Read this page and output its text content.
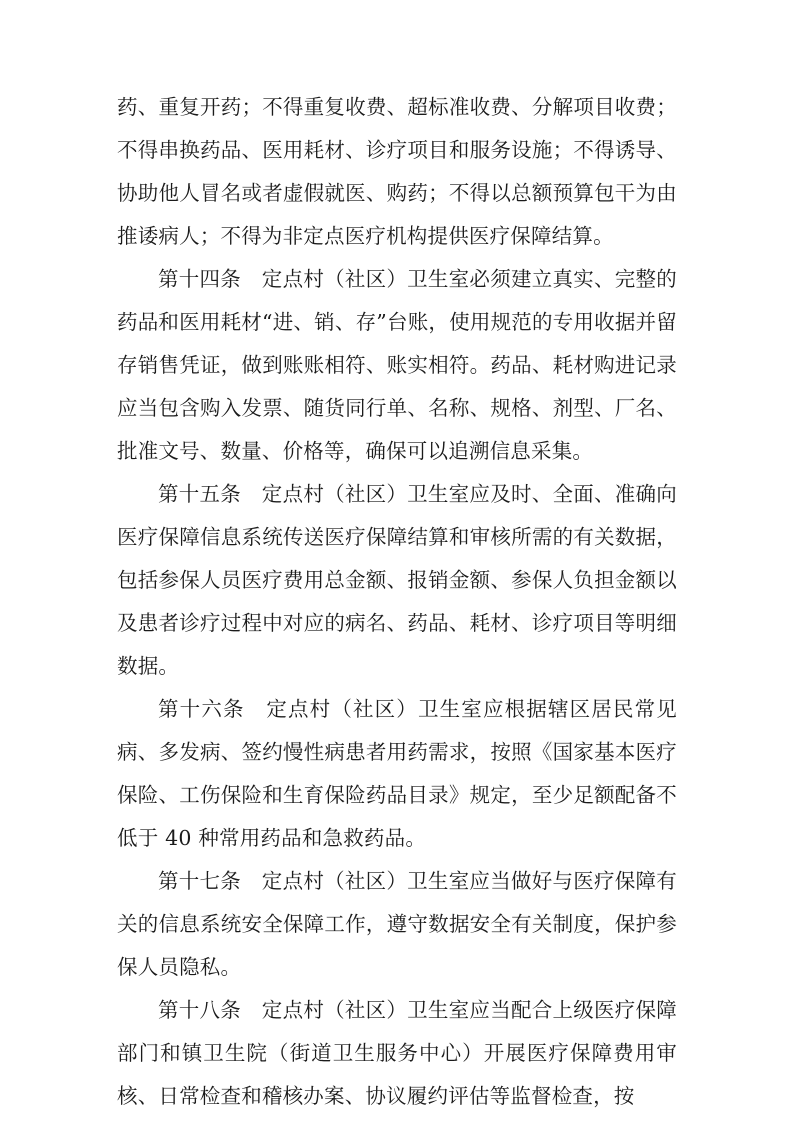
药、重复开药；不得重复收费、超标准收费、分解项目收费；不得串换药品、医用耗材、诊疗项目和服务设施；不得诱导、协助他人冒名或者虚假就医、购药；不得以总额预算包干为由推诿病人；不得为非定点医疗机构提供医疗保障结算。

第十四条　定点村（社区）卫生室必须建立真实、完整的药品和医用耗材“进、销、存”台账，使用规范的专用收据并留存销售凭证，做到账账相符、账实相符。药品、耗材购进记录应当包含购入发票、随货同行单、名称、规格、剂型、厂名、批准文号、数量、价格等，确保可以追溯信息采集。

第十五条　定点村（社区）卫生室应及时、全面、准确向医疗保障信息系统传送医疗保障结算和审核所需的有关数据，包括参保人员医疗费用总金额、报销金额、参保人负担金额以及患者诊疗过程中对应的病名、药品、耗材、诊疗项目等明细数据。

第十六条　定点村（社区）卫生室应根据辖区居民常见病、多发病、签约慢性病患者用药需求，按照《国家基本医疗保险、工伤保险和生育保险药品目录》规定，至少足额配备不低于 40 种常用药品和急救药品。

第十七条　定点村（社区）卫生室应当做好与医疗保障有关的信息系统安全保障工作，遵守数据安全有关制度，保护参保人员隐私。

第十八条　定点村（社区）卫生室应当配合上级医疗保障部门和镇卫生院（街道卫生服务中心）开展医疗保障费用审核、日常检查和稽核办案、协议履约评估等监督检查，按
